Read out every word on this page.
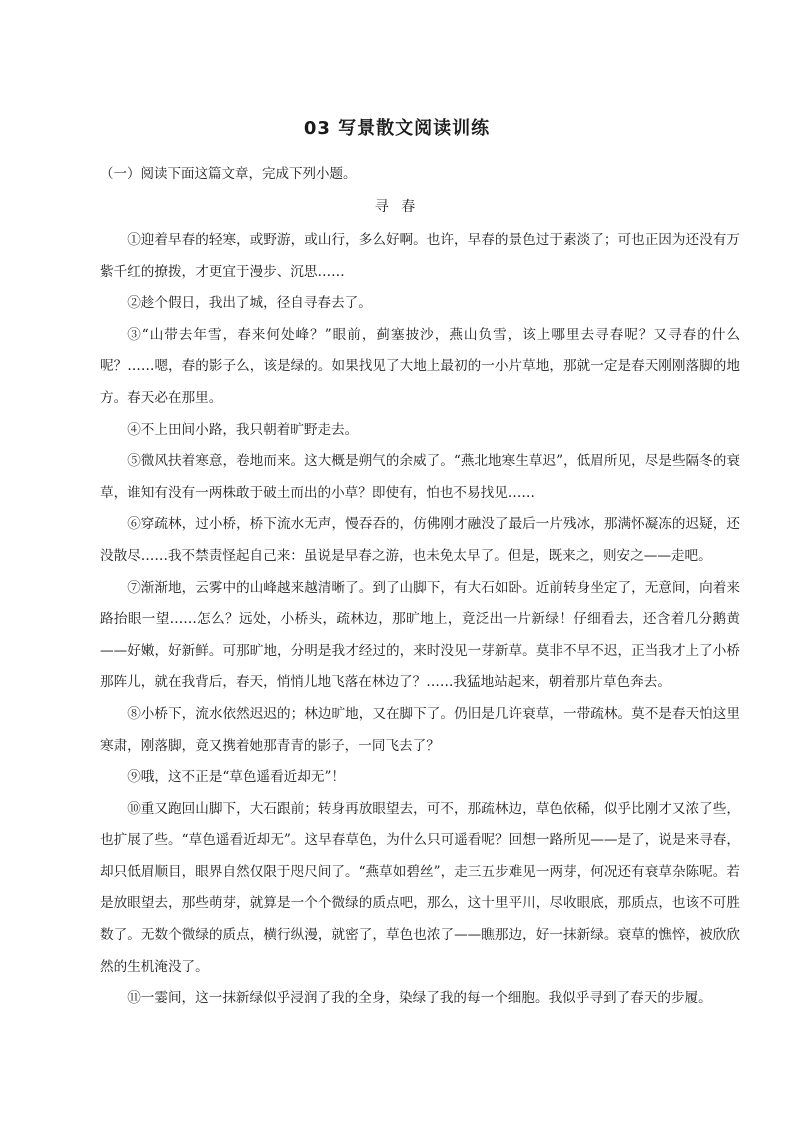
03 写景散文阅读训练
（一）阅读下面这篇文章，完成下列小题。
寻 春

①迎着早春的轻寒，或野游，或山行，多么好啊。也许，早春的景色过于素淡了；可也正因为还没有万紫千红的撩拨，才更宜于漫步、沉思……

②趁个假日，我出了城，径自寻春去了。

③“山带去年雪，春来何处峰？”眼前，蓟塞披沙，燕山负雪，该上哪里去寻春呢？又寻春的什么呢？……嗯，春的影子么，该是绿的。如果找见了大地上最初的一小片草地，那就一定是春天刚刚落脚的地方。春天必在那里。

④不上田间小路，我只朝着旷野走去。

⑤微风扶着寒意，卷地而来。这大概是朔气的余威了。“燕北地寒生草迟”，低眉所见，尽是些隔冬的衰草，谁知有没有一两株敢于破土而出的小草？即使有，怕也不易找见……

⑥穿疏林，过小桥，桥下流水无声，慢吞吞的，仿佛刚才融没了最后一片残冰，那满怀凝冻的迟疑，还没散尽……我不禁责怪起自己来：虽说是早春之游，也未免太早了。但是，既来之，则安之——走吧。

⑦渐渐地，云雾中的山峰越来越清晰了。到了山脚下，有大石如卧。近前转身坐定了，无意间，向着来路抬眼一望……怎么？远处，小桥头，疏林边，那旷地上，竟泛出一片新绿！仔细看去，还含着几分鹅黄——好嫩，好新鲜。可那旷地，分明是我才经过的，来时没见一芽新草。莫非不早不迟，正当我才上了小桥那阵儿，就在我背后，春天，悄悄儿地飞落在林边了？……我猛地站起来，朝着那片草色奔去。

⑧小桥下，流水依然迟迟的；林边旷地，又在脚下了。仍旧是几许衰草，一带疏林。莫不是春天怕这里寒肃，刚落脚，竟又携着她那青青的影子，一同飞去了？

⑨哦，这不正是“草色遥看近却无”！

⑩重又跑回山脚下，大石跟前；转身再放眼望去，可不，那疏林边，草色依稀，似乎比刚才又浓了些，也扩展了些。“草色遥看近却无”。这早春草色，为什么只可遥看呢？回想一路所见——是了，说是来寻春，却只低眉顺目，眼界自然仅限于咫尺间了。“燕草如碧丝”，走三五步难见一两芽，何况还有衰草杂陈呢。若是放眼望去，那些萌芽，就算是一个个微绿的质点吧，那么，这十里平川，尽收眼底，那质点，也该不可胜数了。无数个微绿的质点，横行纵漫，就密了，草色也浓了——瞧那边，好一抹新绿。衰草的憔悴，被欣欣然的生机淹没了。

⑪一霎间，这一抹新绿似乎浸润了我的全身，染绿了我的每一个细胞。我似乎寻到了春天的步履。
